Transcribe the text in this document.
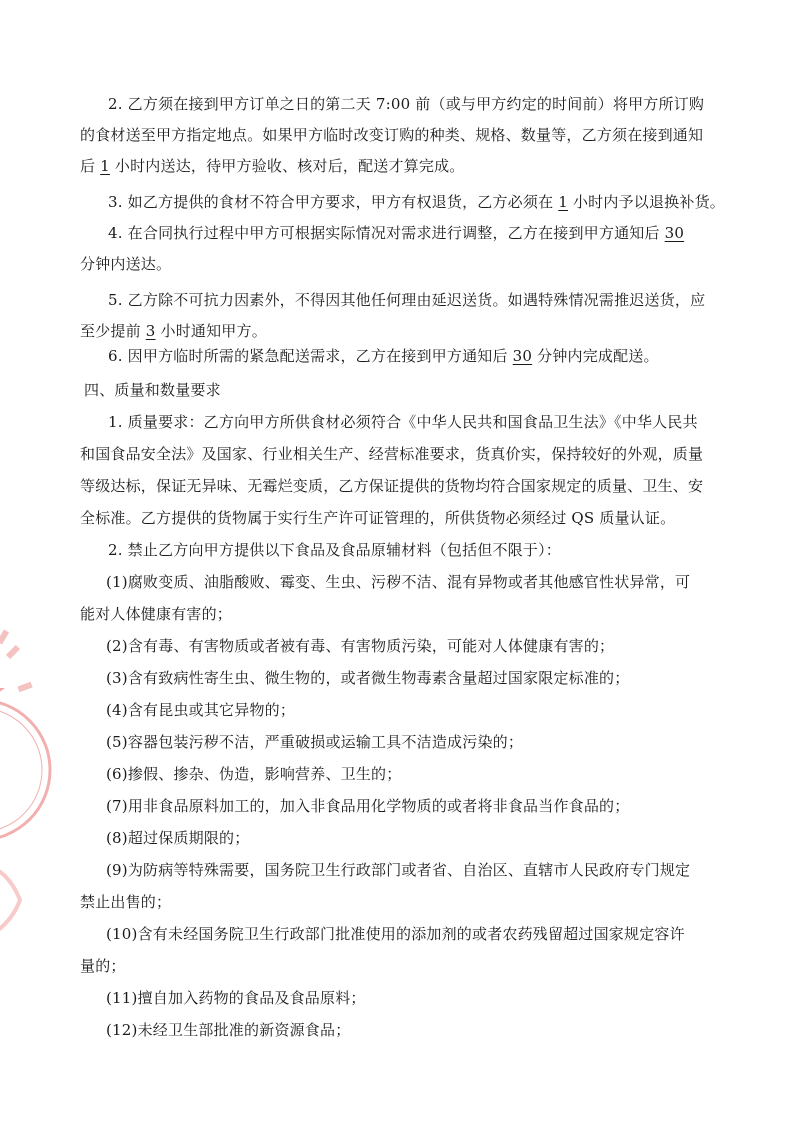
2. 乙方须在接到甲方订单之日的第二天 7:00 前（或与甲方约定的时间前）将甲方所订购
的食材送至甲方指定地点。如果甲方临时改变订购的种类、规格、数量等，乙方须在接到通知
后 1 小时内送达，待甲方验收、核对后，配送才算完成。
3. 如乙方提供的食材不符合甲方要求，甲方有权退货，乙方必须在 1 小时内予以退换补货。
4. 在合同执行过程中甲方可根据实际情况对需求进行调整，乙方在接到甲方通知后 30
分钟内送达。
5. 乙方除不可抗力因素外，不得因其他任何理由延迟送货。如遇特殊情况需推迟送货，应
至少提前 3 小时通知甲方。
6. 因甲方临时所需的紧急配送需求，乙方在接到甲方通知后 30 分钟内完成配送。
四、质量和数量要求
1. 质量要求：乙方向甲方所供食材必须符合《中华人民共和国食品卫生法》《中华人民共
和国食品安全法》及国家、行业相关生产、经营标准要求，货真价实，保持较好的外观，质量
等级达标，保证无异味、无霉烂变质，乙方保证提供的货物均符合国家规定的质量、卫生、安
全标准。乙方提供的货物属于实行生产许可证管理的，所供货物必须经过 QS 质量认证。
2. 禁止乙方向甲方提供以下食品及食品原辅材料（包括但不限于）：
(1)腐败变质、油脂酸败、霉变、生虫、污秽不洁、混有异物或者其他感官性状异常，可
能对人体健康有害的；
(2)含有毒、有害物质或者被有毒、有害物质污染，可能对人体健康有害的；
(3)含有致病性寄生虫、微生物的，或者微生物毒素含量超过国家限定标准的；
(4)含有昆虫或其它异物的；
(5)容器包装污秽不洁，严重破损或运输工具不洁造成污染的；
(6)掺假、掺杂、伪造，影响营养、卫生的；
(7)用非食品原料加工的，加入非食品用化学物质的或者将非食品当作食品的；
(8)超过保质期限的；
(9)为防病等特殊需要，国务院卫生行政部门或者省、自治区、直辖市人民政府专门规定
禁止出售的；
(10)含有未经国务院卫生行政部门批准使用的添加剂的或者农药残留超过国家规定容许
量的；
(11)擅自加入药物的食品及食品原料；
(12)未经卫生部批准的新资源食品；
